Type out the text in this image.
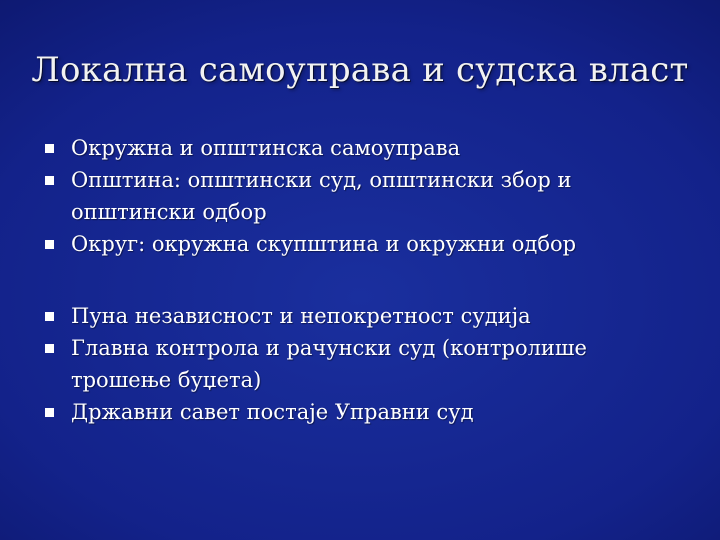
Локална самоуправа и судска власт
Окружна и општинска самоуправа
Општина: општински суд, општински збор и општински одбор
Округ: окружна скупштина и окружни одбор
Пуна независност и непокретност судија
Главна контрола и рачунски суд (контролише трошење буџета)
Државни савет постаје Управни суд
